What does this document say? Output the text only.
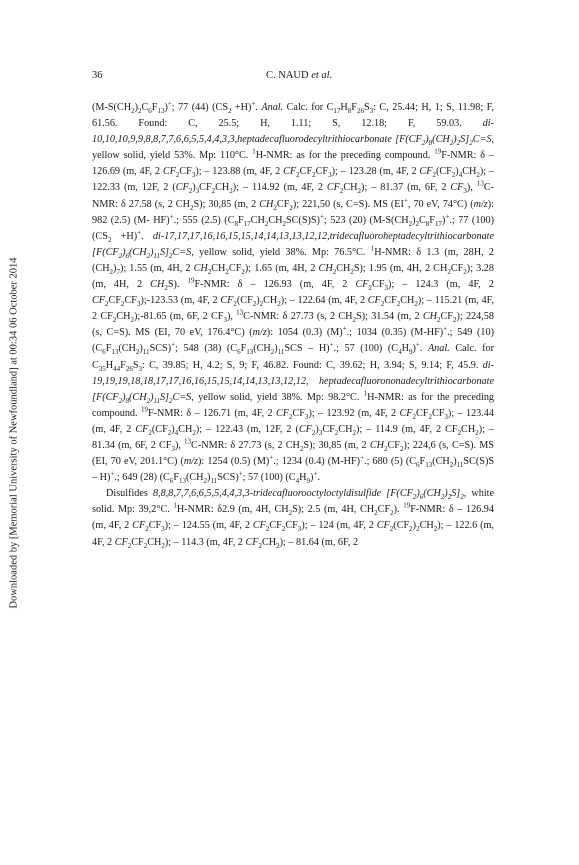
Downloaded by [Memorial University of Newfoundland] at 00:34 06 October 2014
36	C. NAUD et al.

$(M-S(CH_2)_2C_6F_{13})^+$; 77 (44) $(CS_2 +H)^+$. Anal. Calc. for $C_{17}H_8F_{26}S_3$: C, 25.44; H, 1; S, 11.98; F, 61.56. Found: C, 25.5; H, 1.11; S, 12.18; F, 59.03. di-10,10,10,9,9,8,8,7,7,6,6,5,5,4,4,3,3,heptadecafluorodecyltrithiocarbonate $[F(CF_2)_8(CH_2)_2S]_2C=S$, yellow solid, yield 53%. Mp: 110°C. $^1$H-NMR: as for the preceding compound. $^{19}$F-NMR: δ – 126.69 (m, 4F, 2 $CF_2CF_3$); – 123.88 (m, 4F, 2 $CF_2CF_2CF_3$); – 123.28 (m, 4F, 2 $CF_2(CF_2)_4CH_2$); – 122.33 (m, 12F, 2 $(CF_2)_3CF_2CH_2$); – 114.92 (m, 4F, 2 $CF_2CH_2$); – 81.37 (m, 6F, 2 $CF_3$), $^{13}$C-NMR: δ 27.58 (s, 2 $CH_2S$); 30,85 (m, 2 $CH_2CF_2$); 221,50 (s, C=S). MS (EI+, 70 eV, 74°C) (m/z): 982 (2.5) (M- HF)+.; 555 (2.5) $(C_8F_{17}CH_2CH_2SC(S)S)^+$; 523 (20) $(M-S(CH_2)_2C_8F_{17})^+$.; 77 (100) $(CS_2 +H)^+$. di-17,17,17,16,16,15,15,14,14,13,13,12,12,tridecafluoroheptadecyltrithiocarbonate $[F(CF_2)_6(CH_2)_{11}S]_2C=S$, yellow solid, yield 38%. Mp: 76.5°C. $^1$H-NMR: δ 1.3 (m, 28H, 2 $(CH_2)_7$); 1.55 (m, 4H, 2 $CH_2CH_2CF_2$); 1.65 (m, 4H, 2 $CH_2CH_2S$); 1.95 (m, 4H, 2 $CH_2CF_2$); 3.28 (m, 4H, 2 $CH_2S$). $^{19}$F-NMR: δ – 126.93 (m, 4F, 2 $CF_2CF_3$); – 124.3 (m, 4F, 2 $CF_2CF_2CF_3);-123.53$ (m, 4F, 2 $CF_2(CF_2)_2CH_2$); – 122.64 (m, 4F, 2 $CF_2CF_2CH_2$); – 115.21 (m, 4F, 2 $CF_2CH_2);-81.65$ (m, 6F, 2 $CF_3$), $^{13}$C-NMR: δ 27.73 (s, 2 $CH_2S$); 31.54 (m, 2 $CH_2CF_2$); 224,58 (s, C=S). MS (EI, 70 eV, 176.4°C) (m/z): 1054 (0.3) (M)+.; 1034 (0.35) (M-HF)+.; 549 (10) $(C_6F_{13}(CH_2)_{11}SCS)^+$; 548 (38) $(C_6F_{13}(CH_2)_{11}SCS - H)^+$.; 57 (100) $(C_4H_9)^+$. Anal. Calc. for $C_{35}H_{44}F_{26}S_3$: C, 39.85; H, 4.2; S, 9; F, 46.82. Found: C, 39.62; H, 3.94; S, 9.14; F, 45.9. di-19,19,19,18,18,17,17,16,16,15,15,14,14,13,13,12,12, heptadecafluorononadecyltrithiocarbonate $[F(CF_2)_8(CH_2)_{11}S]_2C=S$, yellow solid, yield 38%. Mp: 98.2°C. $^1$H-NMR: as for the preceding compound. $^{19}$F-NMR: δ – 126.71 (m, 4F, 2 $CF_2CF_3$); – 123.92 (m, 4F, 2 $CF_2CF_2CF_3$); – 123.44 (m, 4F, 2 $CF_2(CF_2)_4CH_2$); – 122.43 (m, 12F, 2 $(CF_2)_3CF_2CH_2$); – 114.9 (m, 4F, 2 $CF_2CH_2$); – 81.34 (m, 6F, 2 $CF_3$), $^{13}$C-NMR: δ 27.73 (s, 2 $CH_2S$); 30,85 (m, 2 $CH_2CF_2$); 224,6 (s, C=S). MS (EI, 70 eV, 201.1°C) (m/z): 1254 (0.5) (M)+.; 1234 (0.4) (M-HF)+.; 680 (5) $(C_6F_{13}(CH_2)_{11}SC(S)S - H)^+$.; 649 (28) $(C_6F_{13}(CH_2)_{11}SCS)^+$; 57 (100) $(C_4H_9)^+$.

Disulfides 8,8,8,7,7,6,6,5,5,4,4,3,3-tridecafluorooctyloctyldisulfide $[F(CF_2)_6(CH_2)_2S]_2$, white solid. Mp: 39,2°C. $^1$H-NMR: δ2.9 (m, 4H, $CH_2S$); 2.5 (m, 4H, $CH_2CF_2$). $^{19}$F-NMR: δ – 126.94 (m, 4F, 2 $CF_2CF_3$); – 124.55 (m, 4F, 2 $CF_2CF_2CF_3$); – 124 (m, 4F, 2 $CF_2(CF_2)_2CH_2$); – 122.6 (m, 4F, 2 $CF_2CF_2CH_2$); – 114.3 (m, 4F, 2 $CF_2CH_2$); – 81.64 (m, 6F, 2
